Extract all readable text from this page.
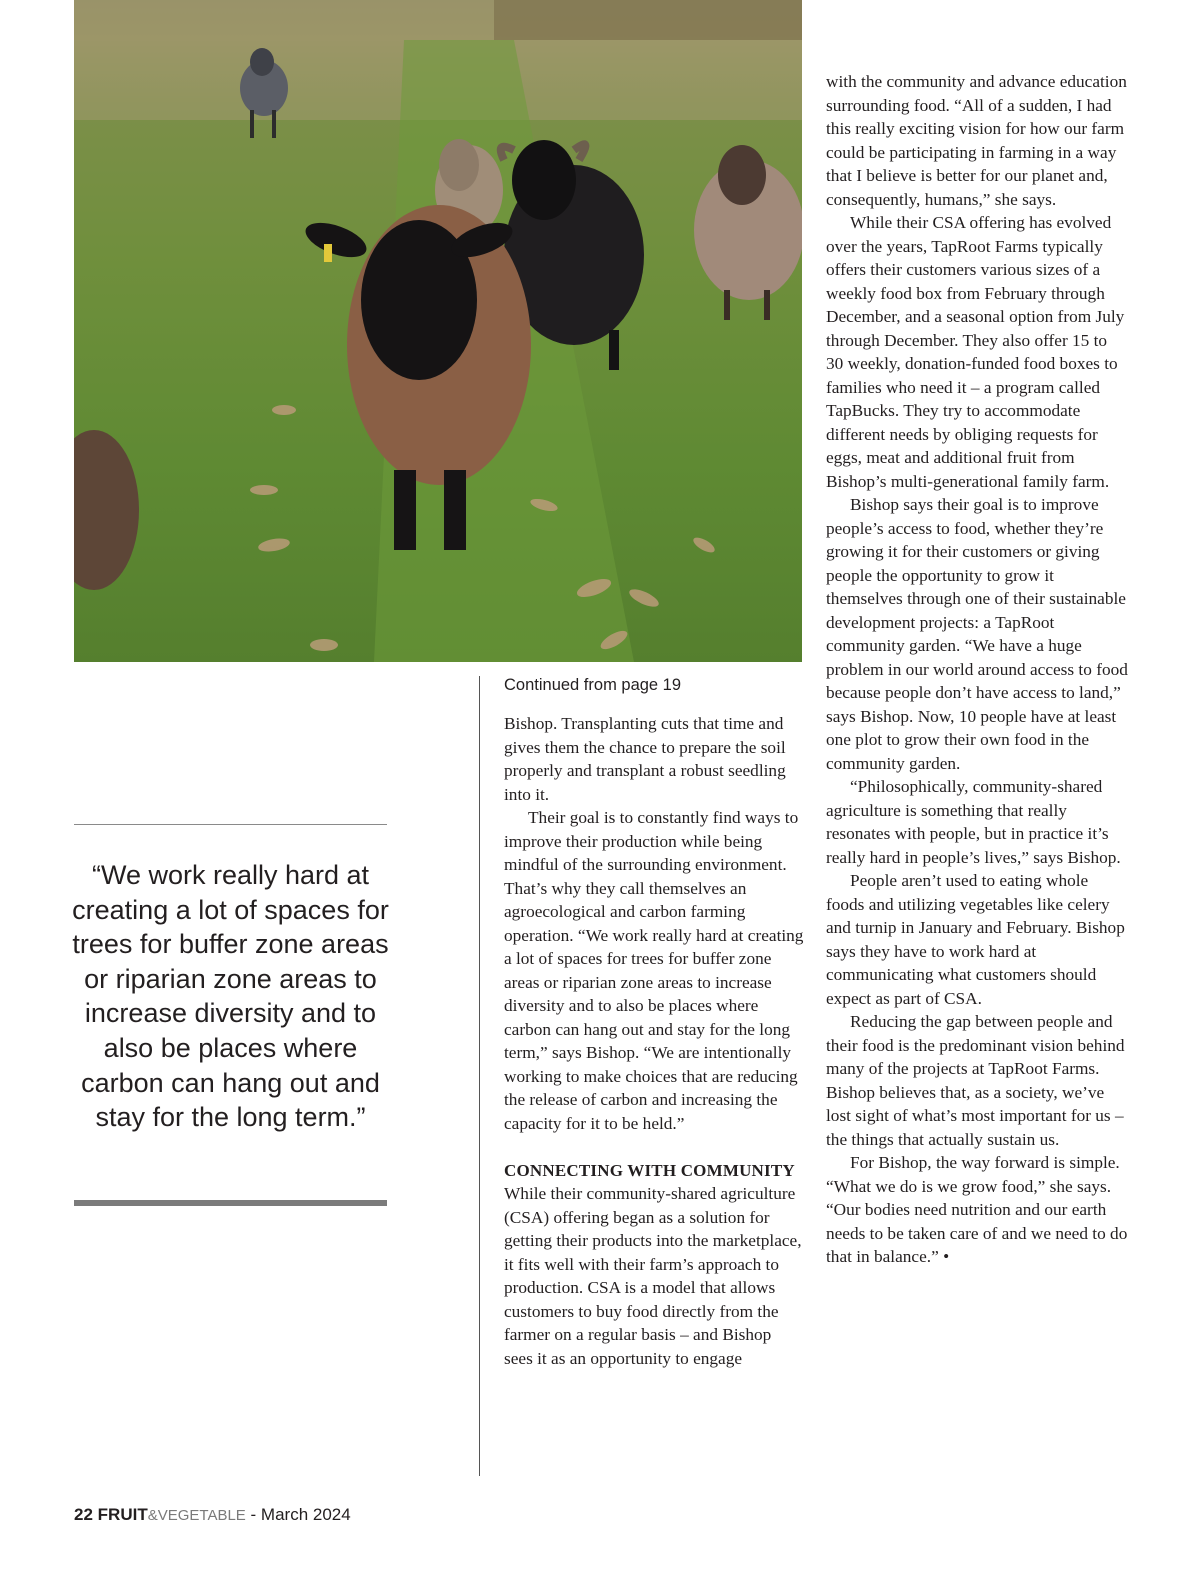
“We work really hard at creating a lot of spaces for trees for buffer zone areas or riparian zone areas to increase diversity and to also be places where carbon can hang out and stay for the long term.”

Continued from page 19

Bishop. Transplanting cuts that time and gives them the chance to prepare the soil properly and transplant a robust seedling into it.

Their goal is to constantly find ways to improve their production while being mindful of the surrounding environment. That’s why they call themselves an agroecological and carbon farming operation. “We work really hard at creating a lot of spaces for trees for buffer zone areas or riparian zone areas to increase diversity and to also be places where carbon can hang out and stay for the long term,” says Bishop. “We are intentionally working to make choices that are reducing the release of carbon and increasing the capacity for it to be held.”

CONNECTING WITH COMMUNITY

While their community-shared agriculture (CSA) offering began as a solution for getting their products into the marketplace, it fits well with their farm’s approach to production. CSA is a model that allows customers to buy food directly from the farmer on a regular basis – and Bishop sees it as an opportunity to engage

with the community and advance education surrounding food. “All of a sudden, I had this really exciting vision for how our farm could be participating in farming in a way that I believe is better for our planet and, consequently, humans,” she says.

While their CSA offering has evolved over the years, TapRoot Farms typically offers their customers various sizes of a weekly food box from February through December, and a seasonal option from July through December. They also offer 15 to 30 weekly, donation-funded food boxes to families who need it – a program called TapBucks. They try to accommodate different needs by obliging requests for eggs, meat and additional fruit from Bishop’s multi-generational family farm.

Bishop says their goal is to improve people’s access to food, whether they’re growing it for their customers or giving people the opportunity to grow it themselves through one of their sustainable development projects: a TapRoot community garden. “We have a huge problem in our world around access to food because people don’t have access to land,” says Bishop. Now, 10 people have at least one plot to grow their own food in the community garden.

“Philosophically, community-shared agriculture is something that really resonates with people, but in practice it’s really hard in people’s lives,” says Bishop.

People aren’t used to eating whole foods and utilizing vegetables like celery and turnip in January and February. Bishop says they have to work hard at communicating what customers should expect as part of CSA.

Reducing the gap between people and their food is the predominant vision behind many of the projects at TapRoot Farms. Bishop believes that, as a society, we’ve lost sight of what’s most important for us – the things that actually sustain us.

For Bishop, the way forward is simple. “What we do is we grow food,” she says. “Our bodies need nutrition and our earth needs to be taken care of and we need to do that in balance.” •

22 FRUIT&VEGETABLE - March 2024
